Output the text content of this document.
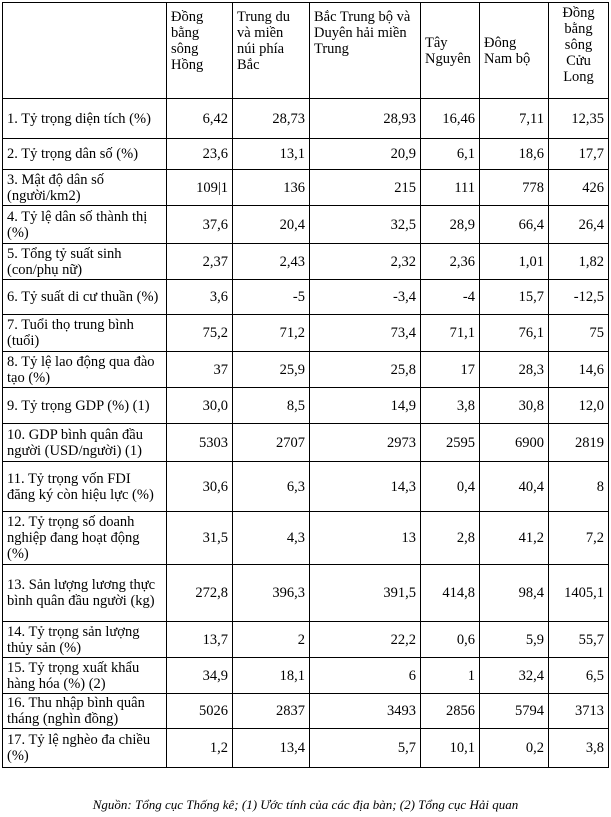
	Đồng bằng sông Hồng	Trung du và miền núi phía Bắc	Bắc Trung bộ và Duyên hải miền Trung	Tây Nguyên	Đông Nam bộ	Đồng bằng sông Cửu Long
1. Tỷ trọng diện tích (%)	6,42	28,73	28,93	16,46	7,11	12,35
2. Tỷ trọng dân số (%)	23,6	13,1	20,9	6,1	18,6	17,7
3. Mật độ dân số (người/km2)	109|1	136	215	111	778	426
4. Tỷ lệ dân số thành thị (%)	37,6	20,4	32,5	28,9	66,4	26,4
5. Tổng tỷ suất sinh (con/phụ nữ)	2,37	2,43	2,32	2,36	1,01	1,82
6. Tỷ suất di cư thuần (%)	3,6	-5	-3,4	-4	15,7	-12,5
7. Tuổi thọ trung bình (tuổi)	75,2	71,2	73,4	71,1	76,1	75
8. Tỷ lệ lao động qua đào tạo (%)	37	25,9	25,8	17	28,3	14,6
9. Tỷ trọng GDP (%) (1)	30,0	8,5	14,9	3,8	30,8	12,0
10. GDP bình quân đầu người (USD/người) (1)	5303	2707	2973	2595	6900	2819
11. Tỷ trọng vốn FDI đăng ký còn hiệu lực (%)	30,6	6,3	14,3	0,4	40,4	8
12. Tỷ trọng số doanh nghiệp đang hoạt động (%)	31,5	4,3	13	2,8	41,2	7,2
13. Sản lượng lương thực bình quân đầu người (kg)	272,8	396,3	391,5	414,8	98,4	1405,1
14. Tỷ trọng sản lượng thủy sản (%)	13,7	2	22,2	0,6	5,9	55,7
15. Tỷ trọng xuất khẩu hàng hóa (%) (2)	34,9	18,1	6	1	32,4	6,5
16. Thu nhập bình quân tháng (nghìn đồng)	5026	2837	3493	2856	5794	3713
17. Tỷ lệ nghèo đa chiều (%)	1,2	13,4	5,7	10,1	0,2	3,8
Nguồn: Tổng cục Thống kê; (1) Ước tính của các địa bàn; (2) Tổng cục Hải quan
